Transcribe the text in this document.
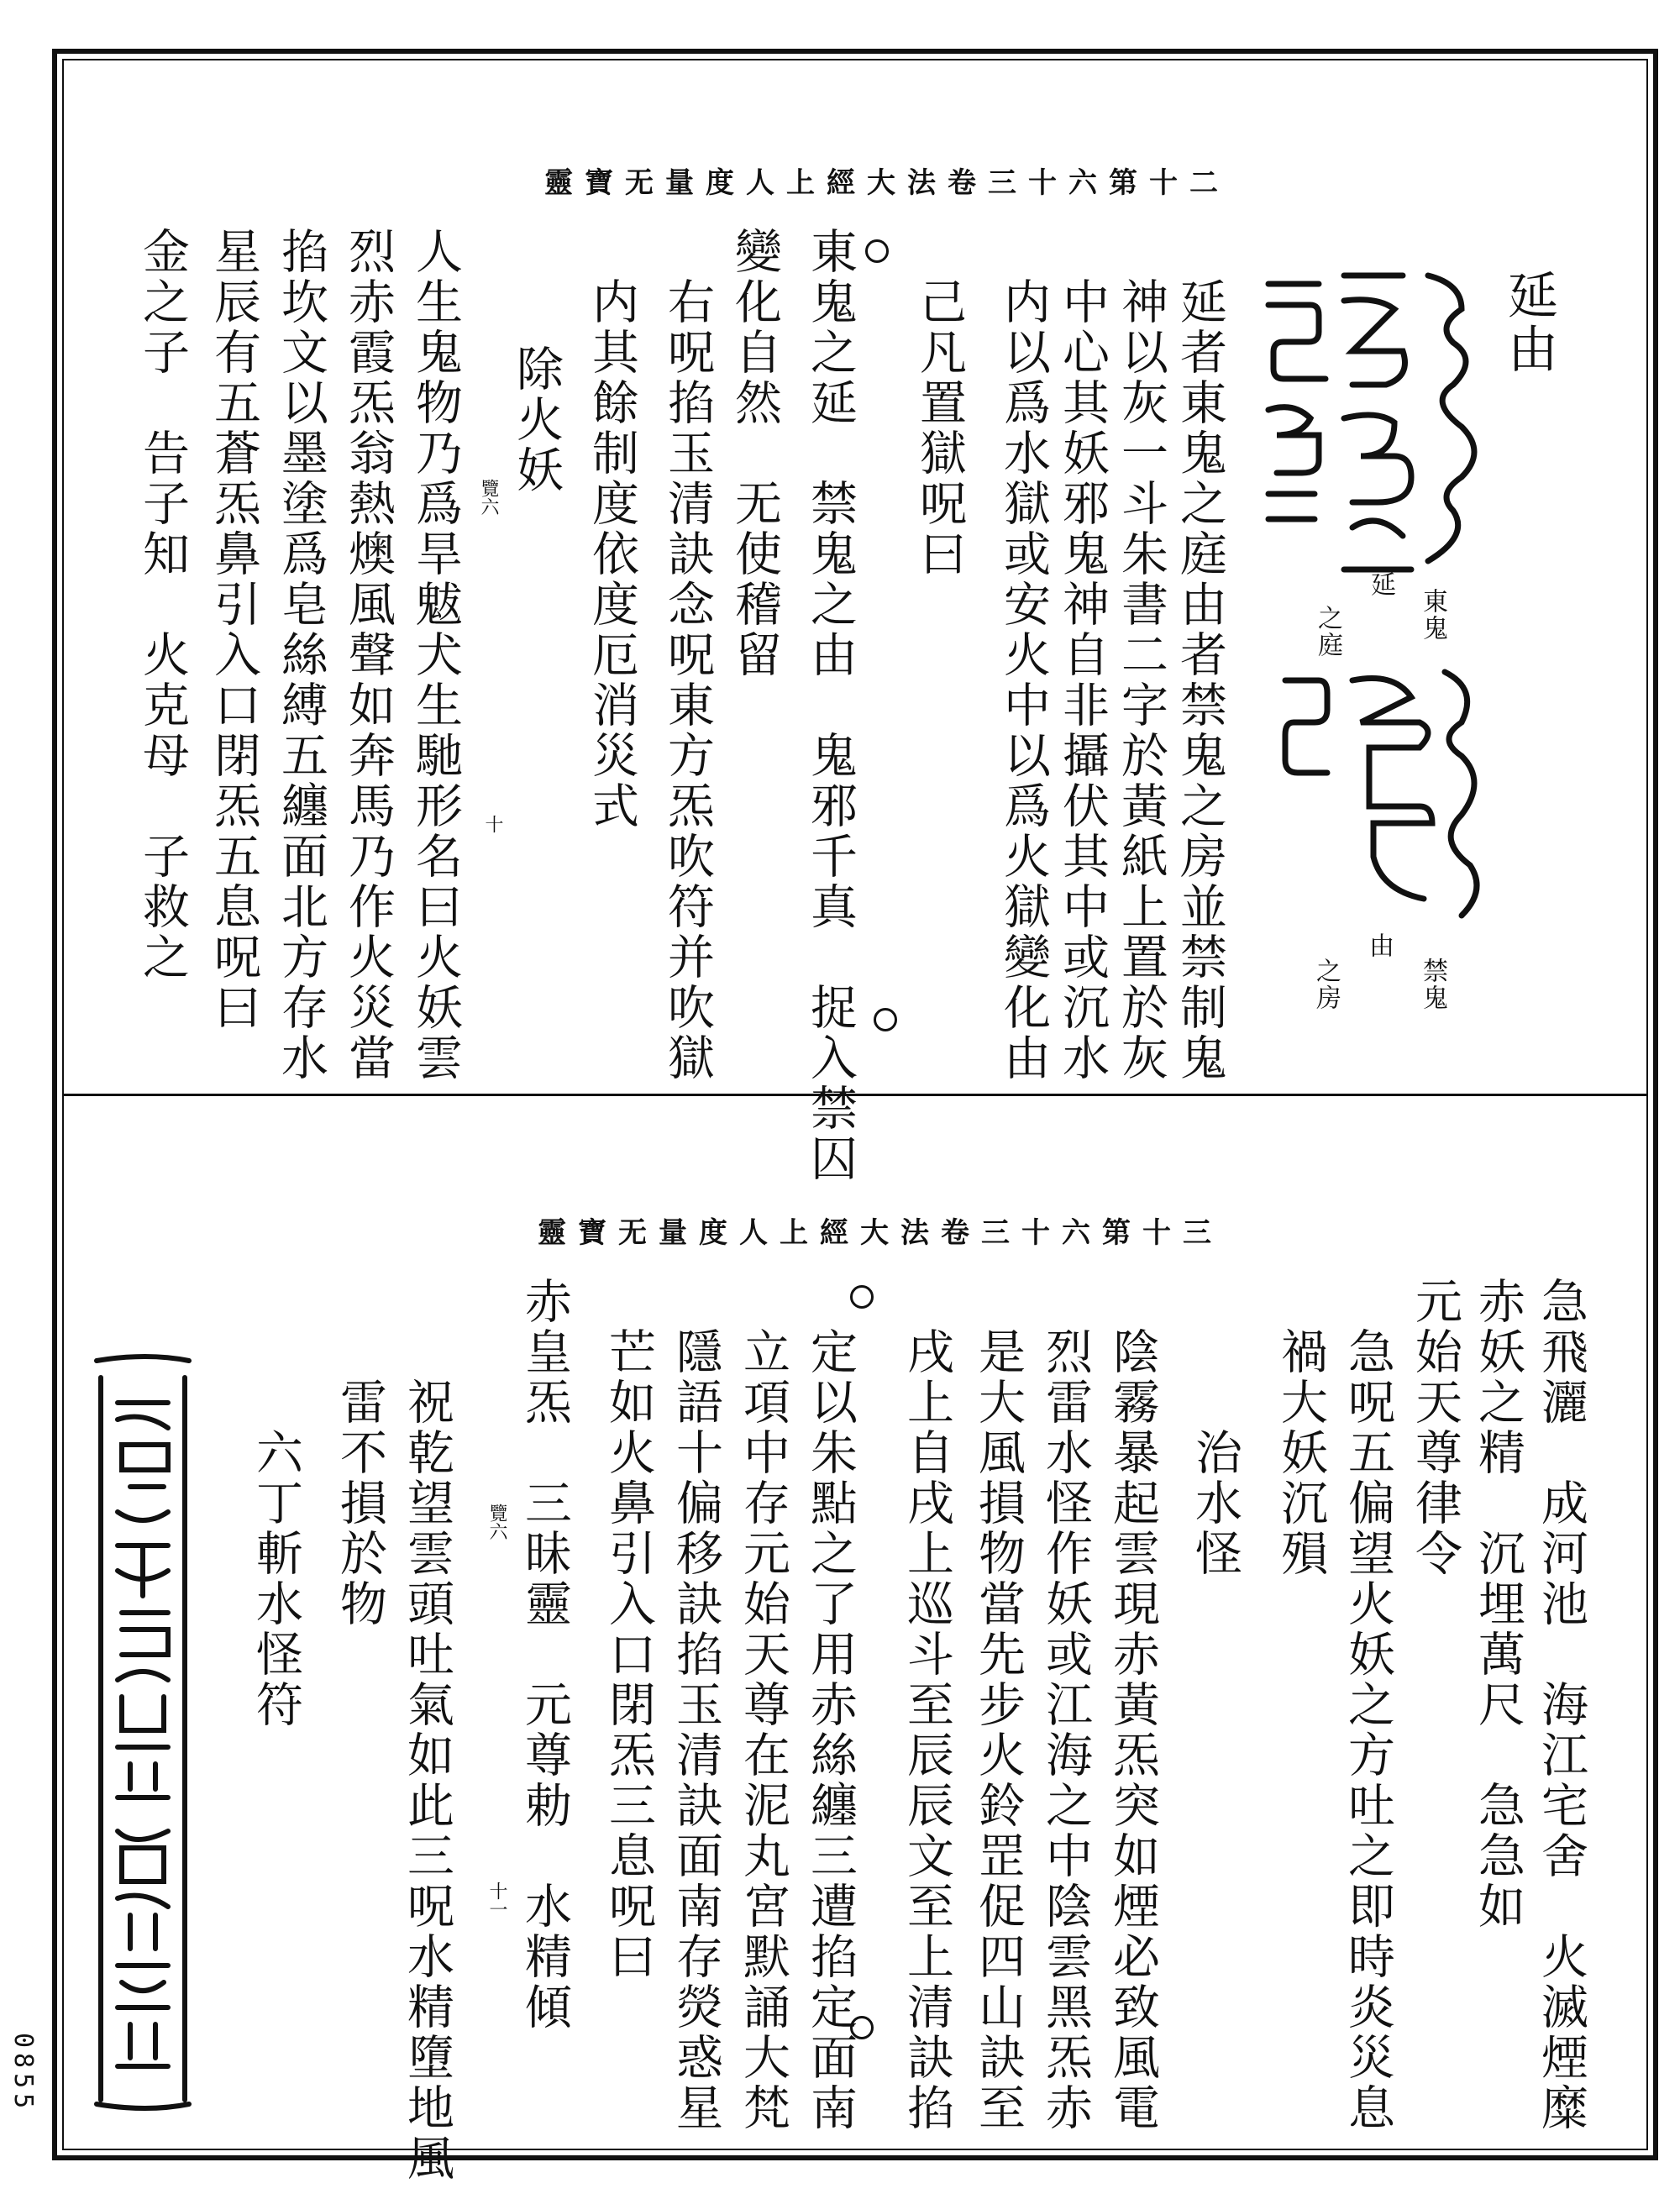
靈寶无量度人上經大法卷三十六第十二
延由
東鬼
延
之庭
禁鬼
由
之房
延者東鬼之庭由者禁鬼之房並禁制鬼
神以灰一斗朱書二字於黃紙上置於灰
中心其妖邪鬼神自非攝伏其中或沉水
内以爲水獄或安火中以爲火獄變化由
己凡置獄呪曰
東鬼之延　禁鬼之由　鬼邪千真　捉入禁囚
變化自然　无使稽留
右呪掐玉清訣念呪東方炁吹符并吹獄
内其餘制度依度厄消災式
除火妖
覽六
人生鬼物乃爲旱魃犬生馳形名曰火妖雲 十
烈赤霞炁翁熱燠風聲如奔馬乃作火災當
掐坎文以墨塗爲皂絲縛五纏面北方存水
星辰有五蒼炁鼻引入口閉炁五息呪曰
金之子　告子知　火克母　子救之
靈寶无量度人上經大法卷三十六第十三
急飛灑　成河池　海江宅舍　火滅煙糜
赤妖之精　沉埋萬尺　急急如
元始天尊律令
急呪五偏望火妖之方吐之即時炎災息
禍大妖沉殞
治水怪
陰霧暴起雲現赤黃炁突如煙必致風電
烈雷水怪作妖或江海之中陰雲黑炁赤
是大風損物當先步火鈴罡促四山訣至
戌上自戌上巡斗至辰辰文至上清訣掐
定以朱點之了用赤絲纏三遭掐定面南
立項中存元始天尊在泥丸宮默誦大梵
隱語十偏移訣掐玉清訣面南存熒惑星
芒如火鼻引入口閉炁三息呪曰
赤皇炁　三昧靈　元尊勅　水精傾
覽六
十一
祝乾望雲頭吐氣如此三呪水精墮地風
雷不損於物
六丁斬水怪符
0855
